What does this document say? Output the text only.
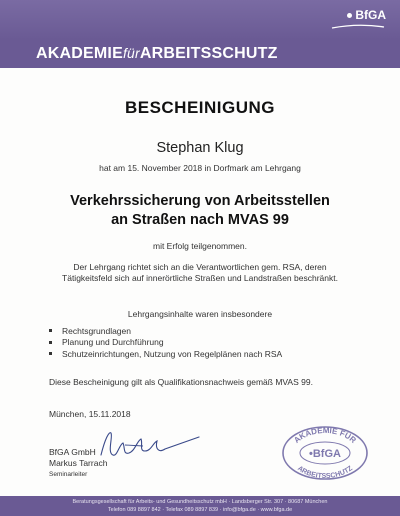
BfGA
AKADEMIEfürARBEITSSCHUTZ
BESCHEINIGUNG
Stephan Klug
hat am 15. November 2018 in Dorfmark am Lehrgang
Verkehrssicherung von Arbeitsstellen
an Straßen nach MVAS 99
mit Erfolg teilgenommen.
Der Lehrgang richtet sich an die Verantwortlichen gem. RSA, deren
Tätigkeitsfeld sich auf innerörtliche Straßen und Landstraßen beschränkt.
Lehrgangsinhalte waren insbesondere
Rechtsgrundlagen
Planung und Durchführung
Schutzeinrichtungen, Nutzung von Regelplänen nach RSA
Diese Bescheinigung gilt als Qualifikationsnachweis gemäß MVAS 99.
München, 15.11.2018
BfGA GmbH
Markus Tarrach
Seminarleiter
AKADEMIE FÜR
ARBEITSSCHUTZ
•BfGA
Beratungsgesellschaft für Arbeits- und Gesundheitsschutz mbH · Landsberger Str. 307 · 80687 München
Telefon 089 8897 842 · Telefax 089 8897 839 · info@bfga.de · www.bfga.de
